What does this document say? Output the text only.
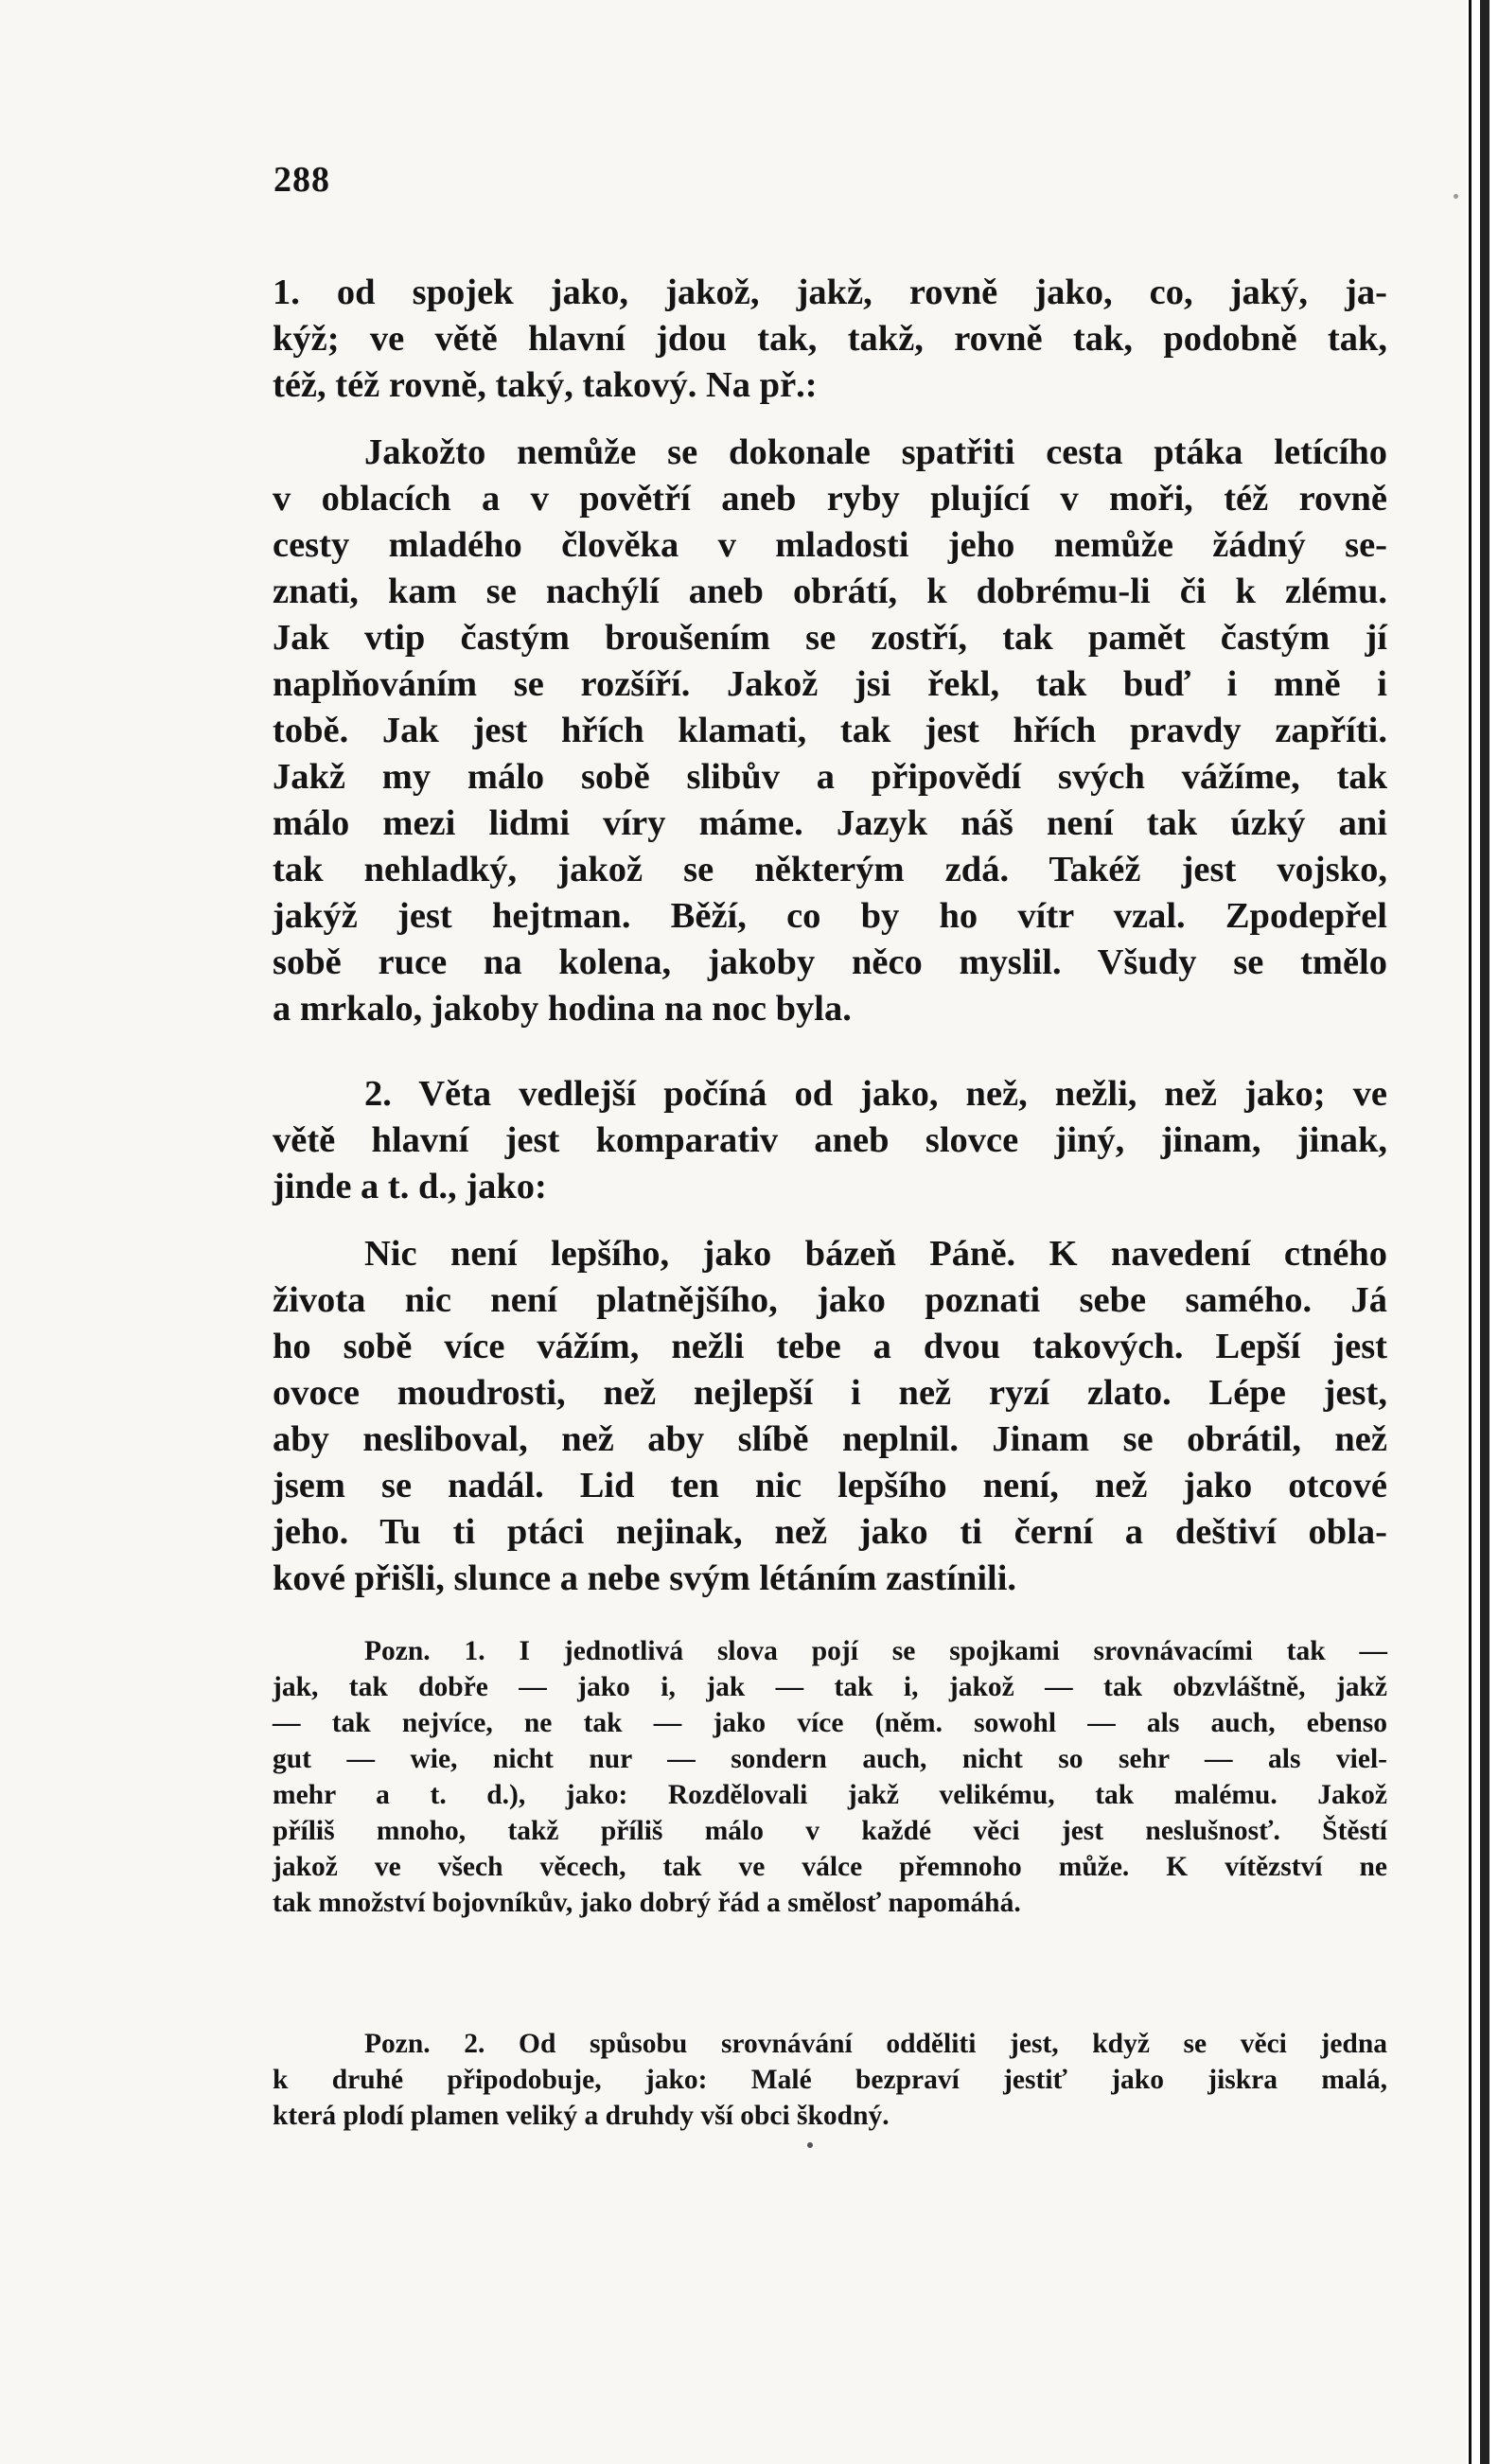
288

1. od spojek jako, jakož, jakž, rovně jako, co, jaký, ja-

kýž; ve větě hlavní jdou tak, takž, rovně tak, podobně tak,

též, též rovně, taký, takový. Na př.:

Jakožto nemůže se dokonale spatřiti cesta ptáka letícího

v oblacích a v povětří aneb ryby plující v moři, též rovně

cesty mladého člověka v mladosti jeho nemůže žádný se-

znati, kam se nachýlí aneb obrátí, k dobrému-li či k zlému.

Jak vtip častým broušením se zostří, tak pamět častým jí

naplňováním se rozšíří. Jakož jsi řekl, tak buď i mně i

tobě. Jak jest hřích klamati, tak jest hřích pravdy zapříti.

Jakž my málo sobě slibův a připovědí svých vážíme, tak

málo mezi lidmi víry máme. Jazyk náš není tak úzký ani

tak nehladký, jakož se některým zdá. Takéž jest vojsko,

jakýž jest hejtman. Běží, co by ho vítr vzal. Zpodepřel

sobě ruce na kolena, jakoby něco myslil. Všudy se tmělo

a mrkalo, jakoby hodina na noc byla.

2. Věta vedlejší počíná od jako, než, nežli, než jako; ve

větě hlavní jest komparativ aneb slovce jiný, jinam, jinak,

jinde a t. d., jako:

Nic není lepšího, jako bázeň Páně. K navedení ctného

života nic není platnějšího, jako poznati sebe samého. Já

ho sobě více vážím, nežli tebe a dvou takových. Lepší jest

ovoce moudrosti, než nejlepší i než ryzí zlato. Lépe jest,

aby nesliboval, než aby slíbě neplnil. Jinam se obrátil, než

jsem se nadál. Lid ten nic lepšího není, než jako otcové

jeho. Tu ti ptáci nejinak, než jako ti černí a deštiví obla-

kové přišli, slunce a nebe svým létáním zastínili.

Pozn. 1. I jednotlivá slova pojí se spojkami srovnávacími tak —

jak, tak dobře — jako i, jak — tak i, jakož — tak obzvláštně, jakž

— tak nejvíce, ne tak — jako více (něm. sowohl — als auch, ebenso

gut — wie, nicht nur — sondern auch, nicht so sehr — als viel-

mehr a t. d.), jako: Rozdělovali jakž velikému, tak malému. Jakož

příliš mnoho, takž příliš málo v každé věci jest neslušnosť. Štěstí

jakož ve všech věcech, tak ve válce přemnoho může. K vítězství ne

tak množství bojovníkův, jako dobrý řád a smělosť napomáhá.

Pozn. 2. Od spůsobu srovnávání odděliti jest, když se věci jedna

k druhé připodobuje, jako: Malé bezpraví jestiť jako jiskra malá,

která plodí plamen veliký a druhdy vší obci škodný.
